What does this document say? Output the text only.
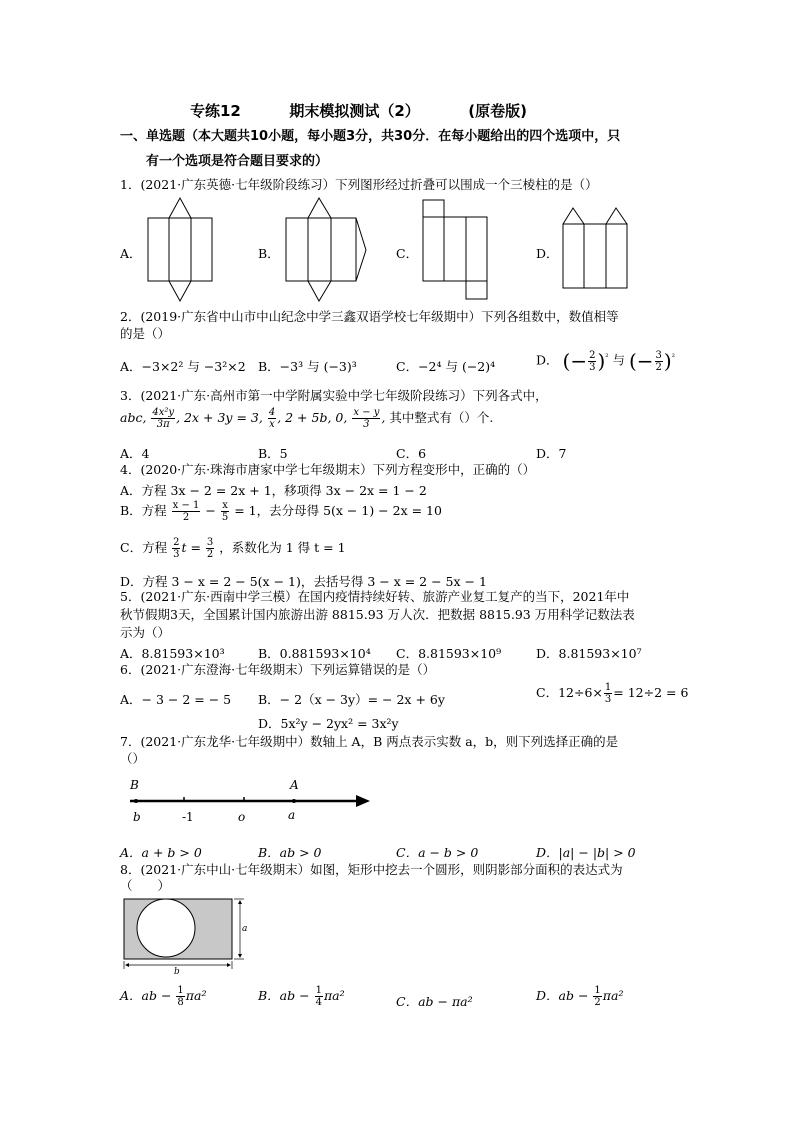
专练12	期末模拟测试（2）	(原卷版)
一、单选题（本大题共10小题，每小题3分，共30分．在每小题给出的四个选项中，只
有一个选项是符合题目要求的）
1．(2021·广东英德·七年级阶段练习）下列图形经过折叠可以围成一个三棱柱的是（）
A．	B．	C．	D．
2．(2019·广东省中山市中山纪念中学三鑫双语学校七年级期中）下列各组数中，数值相等
的是（）
A．−3×2² 与 −3²×2 B．−3³ 与 (−3)³	C．−2⁴ 与 (−2)⁴	D． (− $\frac{2}{3} )^{^2}$ 与 (− $\frac{3}{2} )^{^2}$
3．(2021·广东·高州市第一中学附属实验中学七年级阶段练习）下列各式中，
abc, $\frac{\text{4x²y}}{3\pi}$ , 2x + 3y = 3, $\frac{4}{x}$ , 2 + 5b, 0, $\frac{x - y}{3}$ , 其中整式有（）个.
A．4	B．5	C．6	D．7
4．(2020·广东·珠海市唐家中学七年级期末）下列方程变形中，正确的（）
A．方程 3x − 2 = 2x + 1，移项得 3x − 2x = 1 − 2
B．方程 $\frac{x - 1}{2} - \frac{x}{5} = 1$，去分母得 5(x − 1) − 2x = 10
C．方程 $\frac{2}{3}$ $t = \frac{3}{2}$ ，系数化为 1 得 t = 1
D．方程 3 − x = 2 − 5(x − 1)，去括号得 3 − x = 2 − 5x − 1
5．(2021·广东·西南中学三模）在国内疫情持续好转、旅游产业复工复产的当下，2021年中
秋节假期3天，全国累计国内旅游出游 8815.93 万人次．把数据 8815.93 万用科学记数法表
示为（）
A．8.81593×10³	B．0.881593×10⁴ C．8.81593×10⁹	D．8.81593×10⁷
6．(2021·广东澄海·七年级期末）下列运算错误的是（）
A．− 3 − 2 = − 5 B．− 2（x − 3y）= − 2x + 6y	C．$12\div 6\times \frac{1}{3} = 12\div 2 = 6$
D．5x²y − 2yx² = 3x²y
7．(2021·广东龙华·七年级期中）数轴上 A，B 两点表示实数 a，b，则下列选择正确的是
（）
B	A
b	-1	o	a
A．a + b > 0	B．ab > 0	C．a − b > 0	D．|a| − |b| > 0
8．(2021·广东中山·七年级期末）如图，矩形中挖去一个圆形，则阴影部分面积的表达式为
（　　）
a
b
A．ab − $\frac{1}{8} \pi a^2$	B．ab − $\frac{1}{4} \pi a^2$	C．ab − πa²	D．ab − $\frac{1}{2} \pi a^2$
